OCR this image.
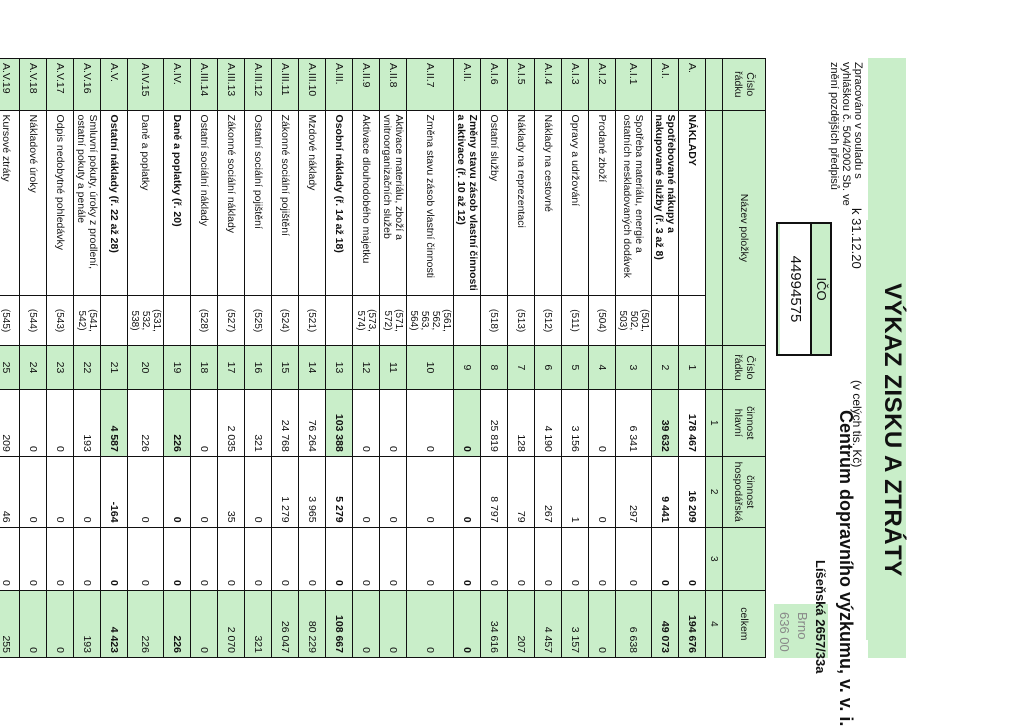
VÝKAZ ZISKU A ZTRÁTY
Zpracováno v souladu s vyhláškou č. 504/2002 Sb. ve znění pozdějších předpisů
k 31.12.20
(v celých tis. Kč)
IČO
44994575
Centrum dopravního výzkumu, v. v. i.
Líšeňská 2657/33a
Brno
636 00
Číslo řádku	Název položky		Číslo řádku	činnost hlavní	činnost hospodářská		celkem
				1	2	3	4
A.	NÁKLADY		1	178 467	16 209	0	194 676
A.I.	Spotřebované nákupy a nakupované služby (ř. 3 až 8)		2	39 632	9 441	0	49 073
A.I.1	Spotřeba materiálu, energie a ostatních neskladovaných dodávek	(501, 502, 503)	3	6 341	297	0	6 638
A.I.2	Prodané zboží	(504)	4	0	0	0	0
A.I.3	Opravy a udržování	(511)	5	3 156	1	0	3 157
A.I.4	Náklady na cestovné	(512)	6	4 190	267	0	4 457
A.I.5	Náklady na reprezentaci	(513)	7	128	79	0	207
A.I.6	Ostatní služby	(518)	8	25 819	8 797	0	34 616
A.II.	Změny stavu zásob vlastní činnosti a aktivace (ř. 10 až 12)		9	0	0	0	0
A.II.7	Změna stavu zásob vlastní činnosti	(561, 562, 563, 564)	10	0	0	0	0
A.II.8	Aktivace materiálu, zboží a vnitroorganizačních služeb	(571, 572)	11	0	0	0	0
A.II.9	Aktivace dlouhodobého majetku	(573, 574)	12	0	0	0	0
A.III.	Osobní náklady (ř. 14 až 18)		13	103 388	5 279	0	108 667
A.III.10	Mzdové náklady	(521)	14	76 264	3 965	0	80 229
A.III.11	Zákonné sociální pojištění	(524)	15	24 768	1 279	0	26 047
A.III.12	Ostatní sociální pojištění	(525)	16	321	0	0	321
A.III.13	Zákonné sociální náklady	(527)	17	2 035	35	0	2 070
A.III.14	Ostatní sociální náklady	(528)	18	0	0	0	0
A.IV.	Daně a poplatky (ř. 20)		19	226	0	0	226
A.IV.15	Daně a poplatky	(531, 532, 538)	20	226	0	0	226
A.V.	Ostatní náklady (ř. 22 až 28)		21	4 587	-164	0	4 423
A.V.16	Smluvní pokuty, úroky z prodlení, ostatní pokuty a penále	(541, 542)	22	193	0	0	193
A.V.17	Odpis nedobytné pohledávky	(543)	23	0	0	0	0
A.V.18	Nákladové úroky	(544)	24	0	0	0	0
A.V.19	Kursové ztráty	(545)	25	209	46	0	255
